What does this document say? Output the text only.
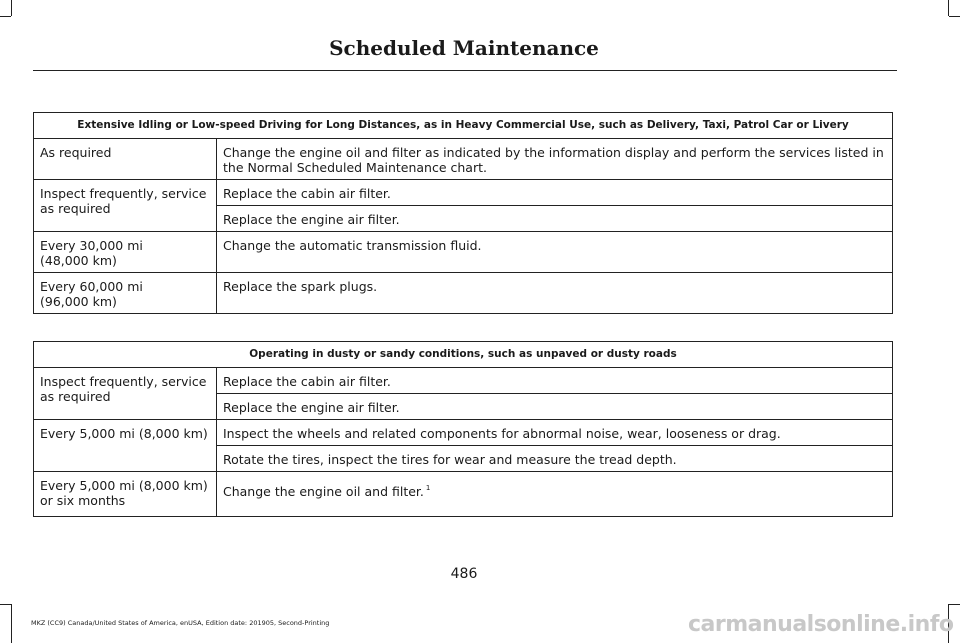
Scheduled Maintenance
Extensive Idling or Low-speed Driving for Long Distances, as in Heavy Commercial Use, such as Delivery, Taxi, Patrol Car or Livery	
As required	Change the engine oil and filter as indicated by the information display and perform the services listed in the Normal Scheduled Maintenance chart.
Inspect frequently, service as required	Replace the cabin air filter.
	Replace the engine air filter.
Every 30,000 mi
(48,000 km)	Change the automatic transmission fluid.
Every 60,000 mi
(96,000 km)	Replace the spark plugs.
Operating in dusty or sandy conditions, such as unpaved or dusty roads	
Inspect frequently, service as required	Replace the cabin air filter.
	Replace the engine air filter.
Every 5,000 mi (8,000 km)	Inspect the wheels and related components for abnormal noise, wear, looseness or drag.
	Rotate the tires, inspect the tires for wear and measure the tread depth.
Every 5,000 mi (8,000 km)
or six months	Change the engine oil and filter. $^1$
486
MKZ (CC9) Canada/United States of America, enUSA, Edition date: 201905, Second-Printing	carmanualsonline.info
